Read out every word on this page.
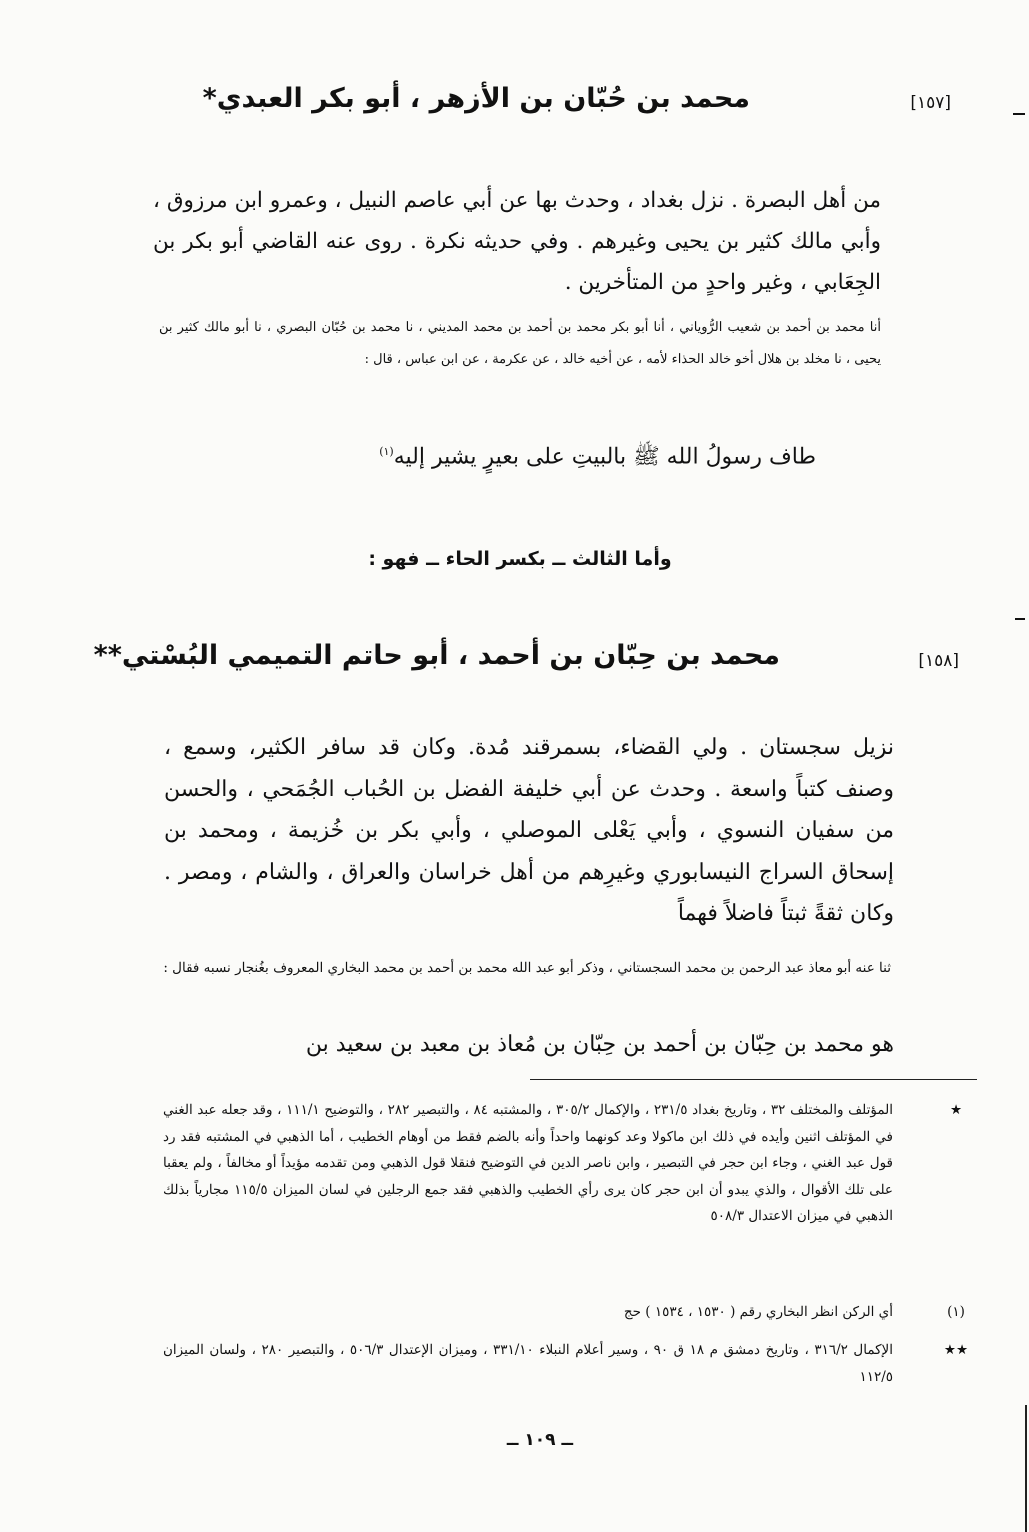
[١٥٧]
محمد بن حُبّان بن الأزهر ، أبو بكر العبدي*
من أهل البصرة . نزل بغداد ، وحدث بها عن أبي عاصم النبيل ، وعمرو ابن مرزوق ، وأبي مالك كثير بن يحيى وغيرهم . وفي حديثه نكرة . روى عنه القاضي أبو بكر بن الجِعَابي ، وغير واحدٍ من المتأخرين .
أنا محمد بن أحمد بن شعيب الرُّوياني ، أنا أبو بكر محمد بن أحمد بن محمد المديني ، نا محمد بن حُبّان البصري ، نا أبو مالك كثير بن يحيى ، نا مخلد بن هلال أخو خالد الحذاء لأمه ، عن أخيه خالد ، عن عكرمة ، عن ابن عباس ، قال :
طاف رسولُ الله ﷺ بالبيتِ على بعيرٍ يشير إليه$^{(١)}$
وأما الثالث ــ بكسر الحاء ــ فهو :
[١٥٨]
محمد بن حِبّان بن أحمد ، أبو حاتم التميمي البُسْتي**
نزيل سجستان . ولي القضاء، بسمرقند مُدة. وكان قد سافر الكثير، وسمع ، وصنف كتباً واسعة . وحدث عن أبي خليفة الفضل بن الحُباب الجُمَحي ، والحسن من سفيان النسوي ، وأبي يَعْلى الموصلي ، وأبي بكر بن خُزيمة ، ومحمد بن إسحاق السراج النيسابوري وغيرِهم من أهل خراسان والعراق ، والشام ، ومصر . وكان ثقةً ثبتاً فاضلاً فهماً
ثنا عنه أبو معاذ عبد الرحمن بن محمد السجستاني ، وذكر أبو عبد الله محمد بن أحمد بن محمد البخاري المعروف بغُنجار نسبه فقال :
هو محمد بن حِبّان بن أحمد بن حِبّان بن مُعاذ بن معبد بن سعيد بن
★
المؤتلف والمختلف ٣٢ ، وتاريخ بغداد ٢٣١/٥ ، والإكمال ٣٠٥/٢ ، والمشتبه ٨٤ ، والتبصير ٢٨٢ ، والتوضيح ١١١/١ ، وقد جعله عبد الغني في المؤتلف اثنين وأيده في ذلك ابن ماكولا وعد كونهما واحداً وأنه بالضم فقط من أوهام الخطيب ، أما الذهبي في المشتبه فقد رد قول عبد الغني ، وجاء ابن حجر في التبصير ، وابن ناصر الدين في التوضيح فنقلا قول الذهبي ومن تقدمه مؤيداً أو مخالفاً ، ولم يعقبا على تلك الأقوال ، والذي يبدو أن ابن حجر كان يرى رأي الخطيب والذهبي فقد جمع الرجلين في لسان الميزان ١١٥/٥ مجارياً بذلك الذهبي في ميزان الاعتدال ٥٠٨/٣
(١)
أي الركن انظر البخاري رقم ( ١٥٣٠ ، ١٥٣٤ ) حج
★★
الإكمال ٣١٦/٢ ، وتاريخ دمشق م ١٨ ق ٩٠ ، وسير أعلام النبلاء ٣٣١/١٠ ، وميزان الإعتدال ٥٠٦/٣ ، والتبصير ٢٨٠ ، ولسان الميزان ١١٢/٥
ــ ١٠٩ ــ
